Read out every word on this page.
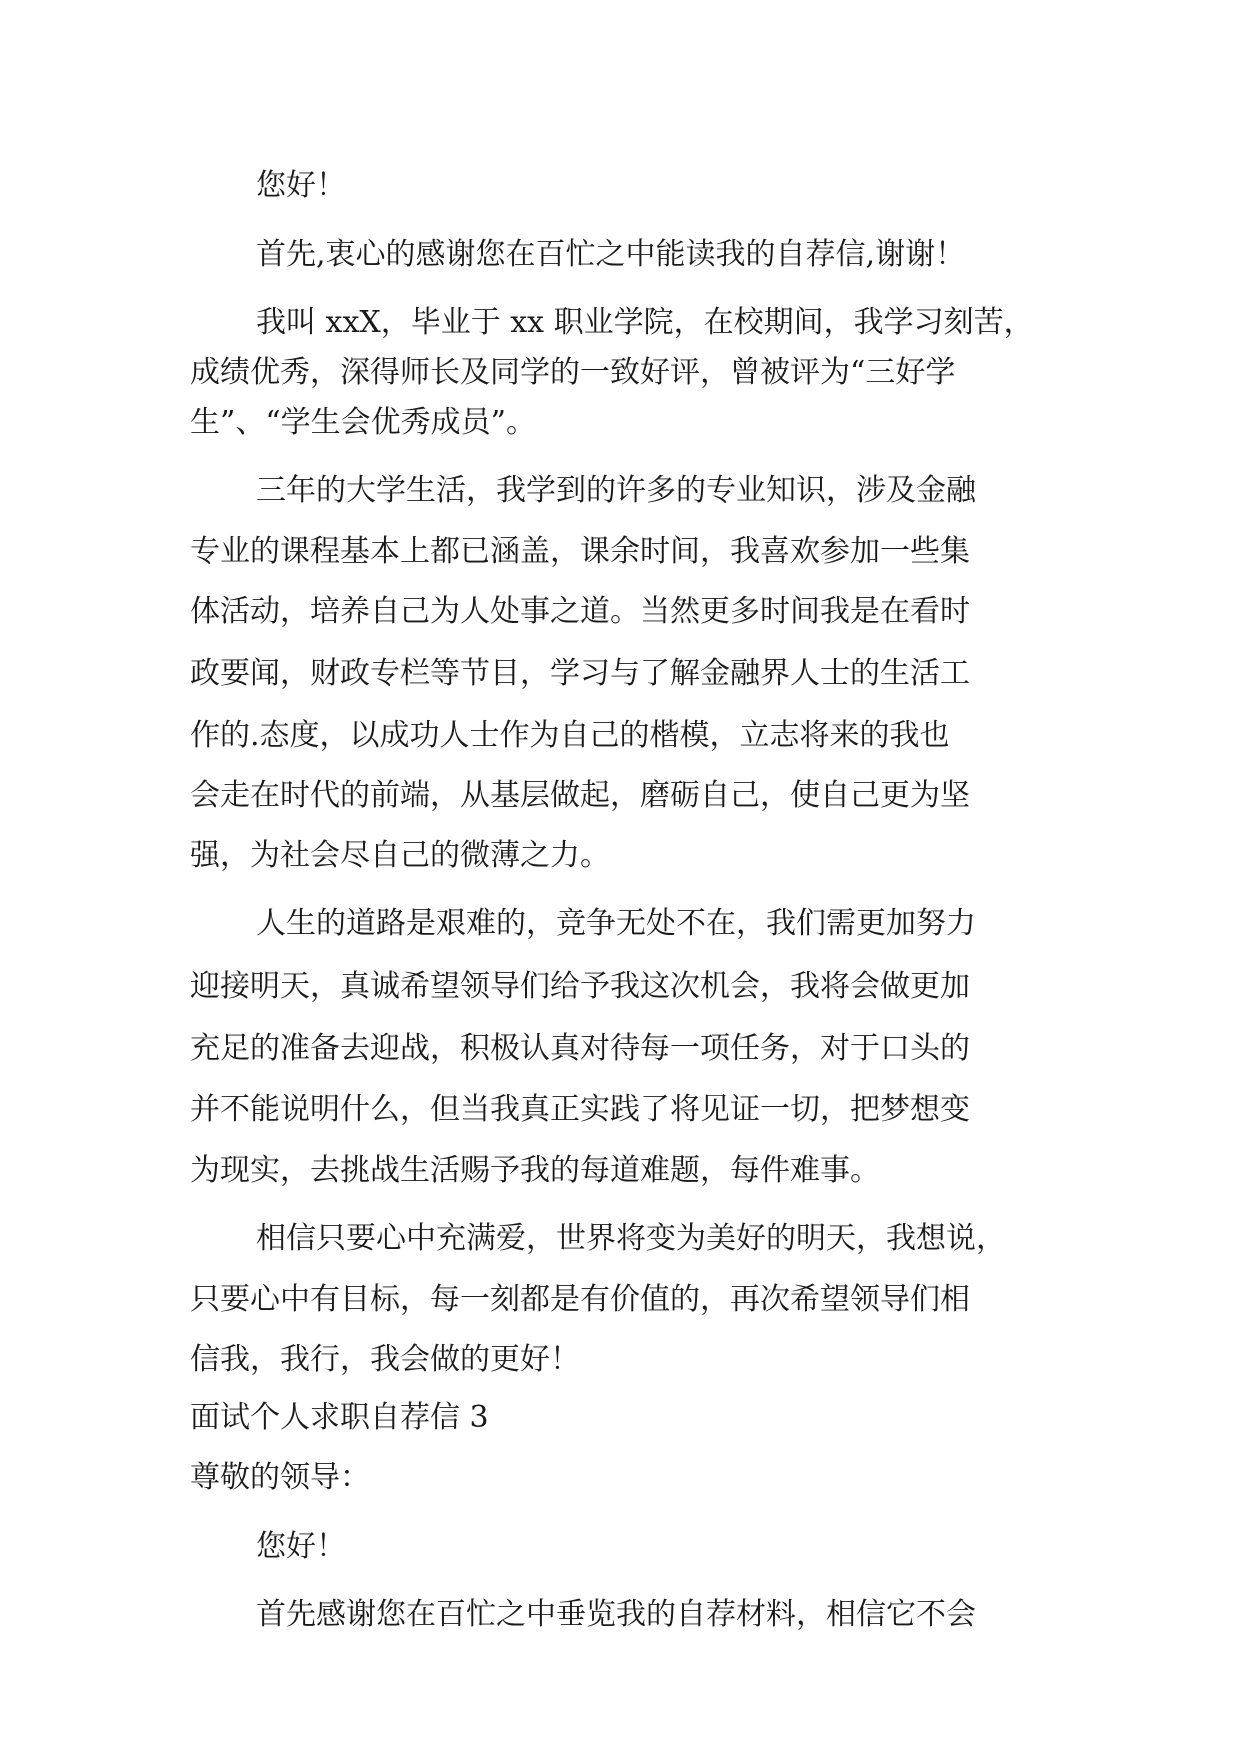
您好！
首先,衷心的感谢您在百忙之中能读我的自荐信,谢谢！
我叫 xxX，毕业于 xx 职业学院，在校期间，我学习刻苦，
成绩优秀，深得师长及同学的一致好评，曾被评为“三好学
生”、“学生会优秀成员”。
三年的大学生活，我学到的许多的专业知识，涉及金融
专业的课程基本上都已涵盖，课余时间，我喜欢参加一些集
体活动，培养自己为人处事之道。当然更多时间我是在看时
政要闻，财政专栏等节目，学习与了解金融界人士的生活工
作的.态度，以成功人士作为自己的楷模，立志将来的我也
会走在时代的前端，从基层做起，磨砺自己，使自己更为坚
强，为社会尽自己的微薄之力。
人生的道路是艰难的，竞争无处不在，我们需更加努力
迎接明天，真诚希望领导们给予我这次机会，我将会做更加
充足的准备去迎战，积极认真对待每一项任务，对于口头的
并不能说明什么，但当我真正实践了将见证一切，把梦想变
为现实，去挑战生活赐予我的每道难题，每件难事。
相信只要心中充满爱，世界将变为美好的明天，我想说，
只要心中有目标，每一刻都是有价值的，再次希望领导们相
信我，我行，我会做的更好！
面试个人求职自荐信 3
尊敬的领导：
您好！
首先感谢您在百忙之中垂览我的自荐材料，相信它不会
